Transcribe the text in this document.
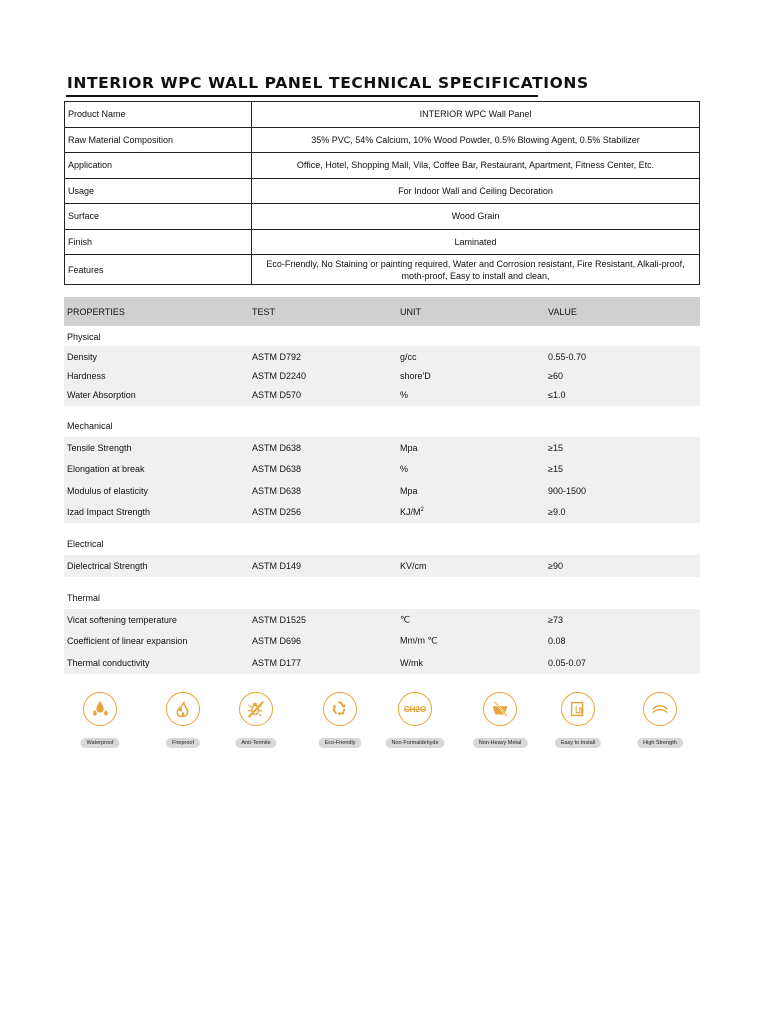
INTERIOR WPC WALL PANEL TECHNICAL SPECIFICATIONS
Product Name	INTERIOR WPC Wall Panel
Raw Material Composition	35% PVC, 54% Calcium, 10% Wood Powder, 0.5% Blowing Agent, 0.5% Stabilizer
Application	Office, Hotel, Shopping Mall, Vila, Coffee Bar, Restaurant, Apartment, Fitness Center, Etc.
Usage	For Indoor Wall and Ceiling Decoration
Surface	Wood Grain
Finish	Laminated
Features	Eco-Friendly, No Staining or painting required, Water and Corrosion resistant, Fire Resistant, Alkali-proof, moth-proof, Easy to install and clean,
PROPERTIES	TEST	UNIT	VALUE
Physical
Density	ASTM D792	g/cc	0.55-0.70
Hardness	ASTM D2240	shore'D	≥60
Water Absorption	ASTM D570	%	≤1.0
Mechanical
Tensile Strength	ASTM D638	Mpa	≥15
Elongation at break	ASTM D638	%	≥15
Modulus of elasticity	ASTM D638	Mpa	900-1500
Izad Impact Strength	ASTM D256	$KJ/M^2$	≥9.0
Electrical
Dielectrical Strength	ASTM D149	KV/cm	≥90
Thermal
Vicat softening temperature	ASTM D1525	℃	≥73
Coefficient of linear expansion	ASTM D696	Mm/m ℃	0.08
Thermal conductivity	ASTM D177	W/mk	0.05-0.07
Waterproof	Fireproof	Anti-Termite	Eco-Friendly
CH2O
Non-Formaldehyde	Non-Heavy Metal	Easy to Install	High Strength
